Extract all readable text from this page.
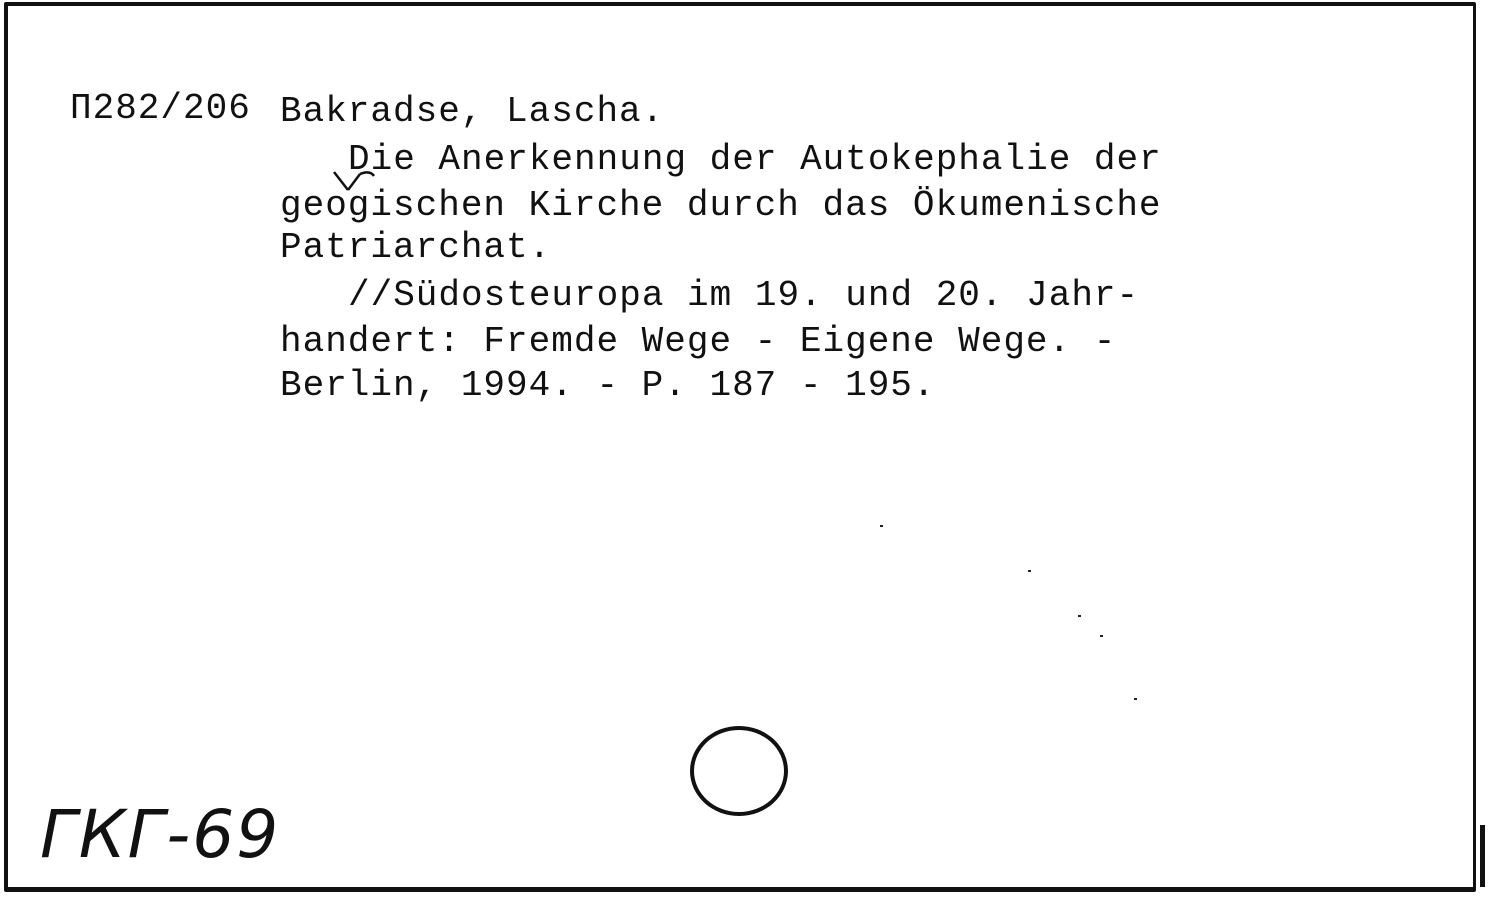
П282/206 Bakradse, Lascha.
Die Anerkennung der Autokephalie der
geogischen Kirche durch das Ökumenische
Patriarchat.
//Südosteuropa im 19. und 20. Jahr-
handert: Fremde Wege - Eigene Wege. -
Berlin, 1994. - P. 187 - 195.
ГКГ-69
